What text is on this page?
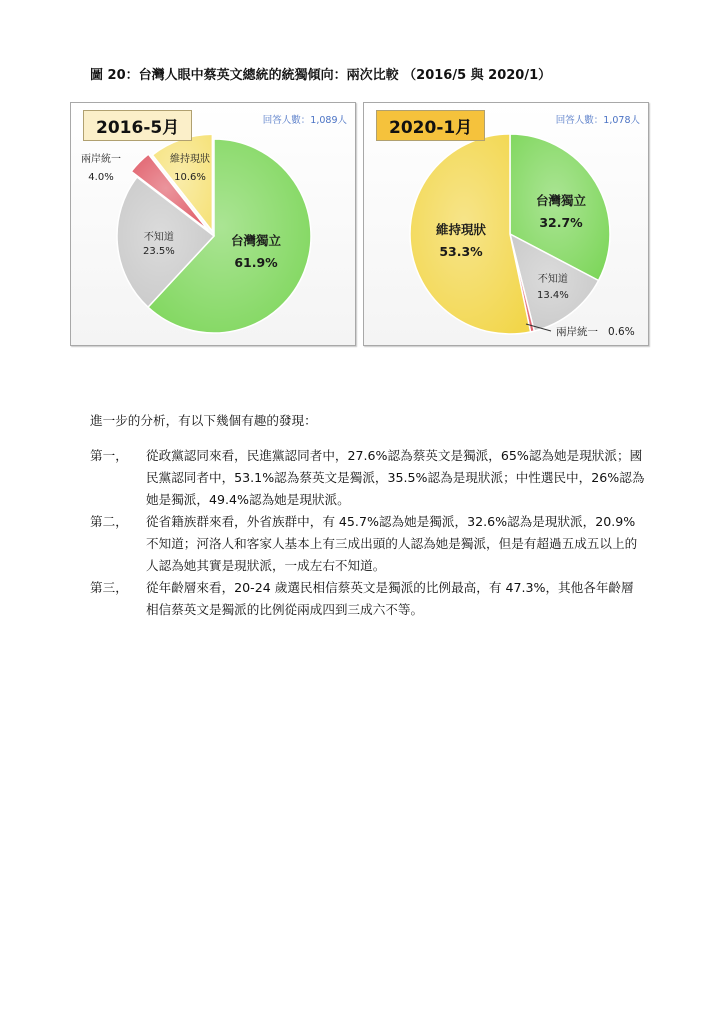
圖 20：台灣人眼中蔡英文總統的統獨傾向：兩次比較 （2016/5 與 2020/1）
2016-5月	回答人數：1,089人
不知道
23.5%
兩岸統一
4.0%
維持現狀
10.6%
台灣獨立
61.9%
2020-1月	回答人數：1,078人
維持現狀
53.3%
台灣獨立
32.7%
不知道
13.4%
兩岸統一 0.6%
進一步的分析，有以下幾個有趣的發現：
第一， 從政黨認同來看，民進黨認同者中，27.6%認為蔡英文是獨派，65%認為她是現狀派；國民黨認同者中，53.1%認為蔡英文是獨派，35.5%認為是現狀派；中性選民中，26%認為她是獨派，49.4%認為她是現狀派。
第二， 從省籍族群來看，外省族群中，有 45.7%認為她是獨派，32.6%認為是現狀派，20.9%不知道；河洛人和客家人基本上有三成出頭的人認為她是獨派，但是有超過五成五以上的人認為她其實是現狀派，一成左右不知道。
第三， 從年齡層來看，20-24 歲選民相信蔡英文是獨派的比例最高，有 47.3%，其他各年齡層相信蔡英文是獨派的比例從兩成四到三成六不等。
